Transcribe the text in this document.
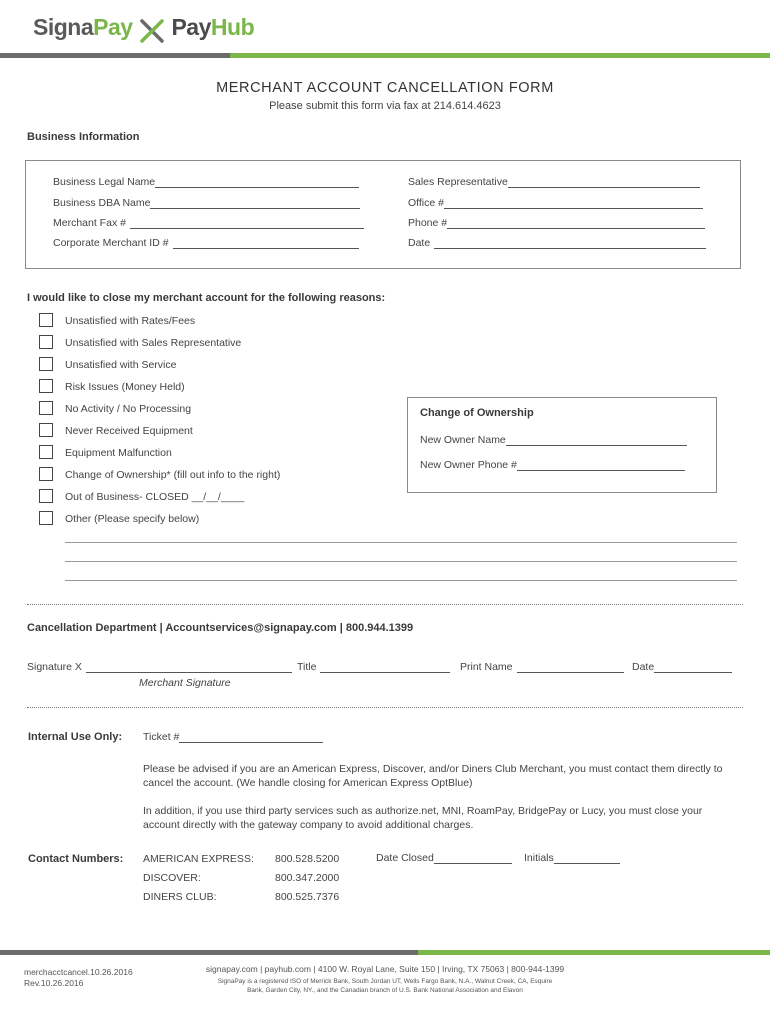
SignaPay PayHub
MERCHANT ACCOUNT CANCELLATION FORM
Please submit this form via fax at 214.614.4623
Business Information
Business Legal Name
Business DBA Name
Merchant Fax #
Corporate Merchant ID #
Sales Representative
Office #
Phone #
Date
I would like to close my merchant account for the following reasons:
Unsatisfied with Rates/Fees
Unsatisfied with Sales Representative
Unsatisfied with Service
Risk Issues (Money Held)
No Activity / No Processing
Never Received Equipment
Equipment Malfunction
Change of Ownership* (fill out info to the right)
Out of Business- CLOSED __/__/____
Other (Please specify below)
Change of Ownership
New Owner Name
New Owner Phone #
Cancellation Department | Accountservices@signapay.com | 800.944.1399
Signature X	Title	Print Name	Date
Merchant Signature
Internal Use Only: Ticket #
Please be advised if you are an American Express, Discover, and/or Diners Club Merchant, you must contact them directly to cancel the account. (We handle closing for American Express OptBlue)
In addition, if you use third party services such as authorize.net, MNI, RoamPay, BridgePay or Lucy, you must close your account directly with the gateway company to avoid additional charges.
Contact Numbers: AMERICAN EXPRESS: 800.528.5200
DISCOVER:	800.347.2000
DINERS CLUB:	800.525.7376
Date Closed	Initials
merchacctcancel.10.26.2016
Rev.10.26.2016
signapay.com | payhub.com | 4100 W. Royal Lane, Suite 150 | Irving, TX 75063 | 800-944-1399
SignaPay is a registered ISO of Merrick Bank, South Jordan UT, Wells Fargo Bank, N.A., Walnut Creek, CA, Esquire
Bank, Garden City, NY., and the Canadian branch of U.S. Bank National Association and Elavon
